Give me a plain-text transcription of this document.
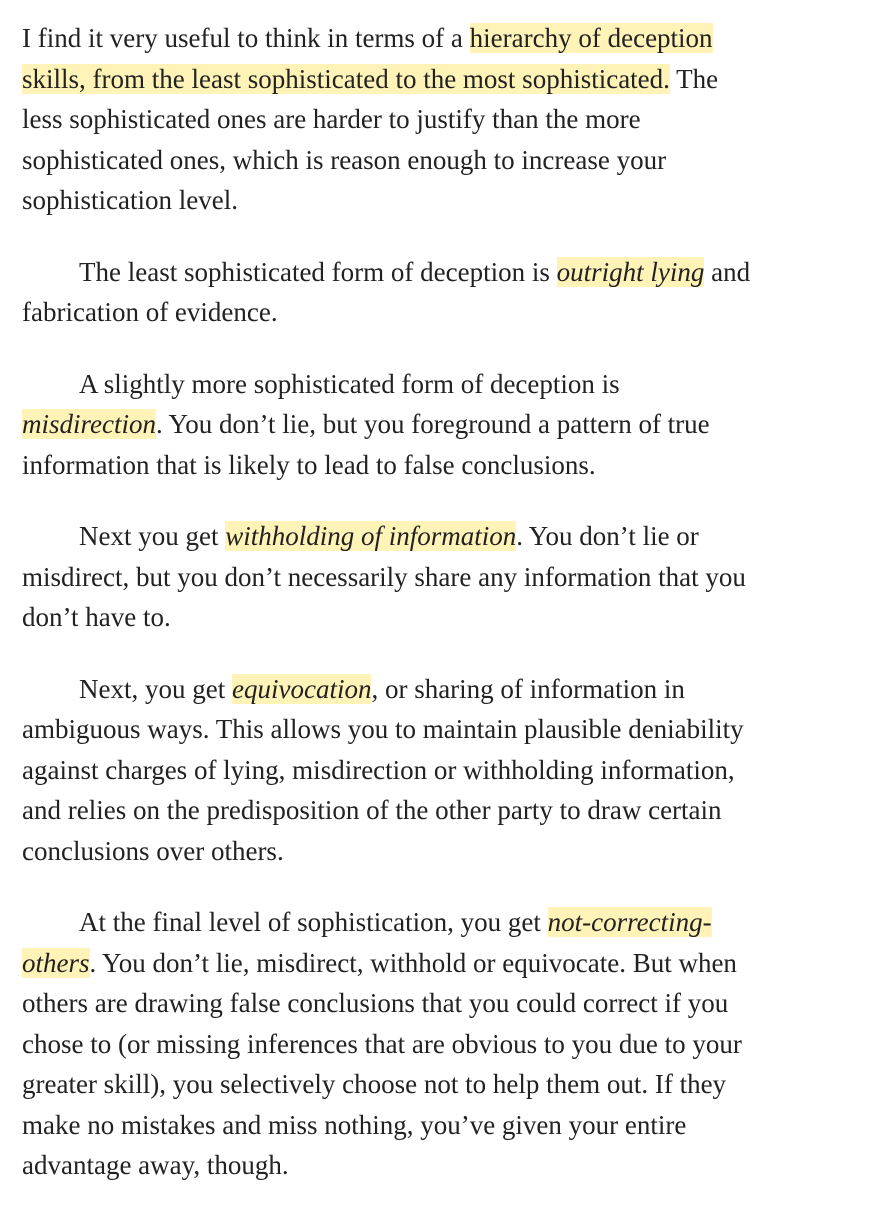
I find it very useful to think in terms of a hierarchy of deception
skills, from the least sophisticated to the most sophisticated. The
less sophisticated ones are harder to justify than the more
sophisticated ones, which is reason enough to increase your
sophistication level.

The least sophisticated form of deception is outright lying and
fabrication of evidence.

A slightly more sophisticated form of deception is
misdirection. You don’t lie, but you foreground a pattern of true
information that is likely to lead to false conclusions.

Next you get withholding of information. You don’t lie or
misdirect, but you don’t necessarily share any information that you
don’t have to.

Next, you get equivocation, or sharing of information in
ambiguous ways. This allows you to maintain plausible deniability
against charges of lying, misdirection or withholding information,
and relies on the predisposition of the other party to draw certain
conclusions over others.

At the final level of sophistication, you get not-correcting-
others. You don’t lie, misdirect, withhold or equivocate. But when
others are drawing false conclusions that you could correct if you
chose to (or missing inferences that are obvious to you due to your
greater skill), you selectively choose not to help them out. If they
make no mistakes and miss nothing, you’ve given your entire
advantage away, though.
